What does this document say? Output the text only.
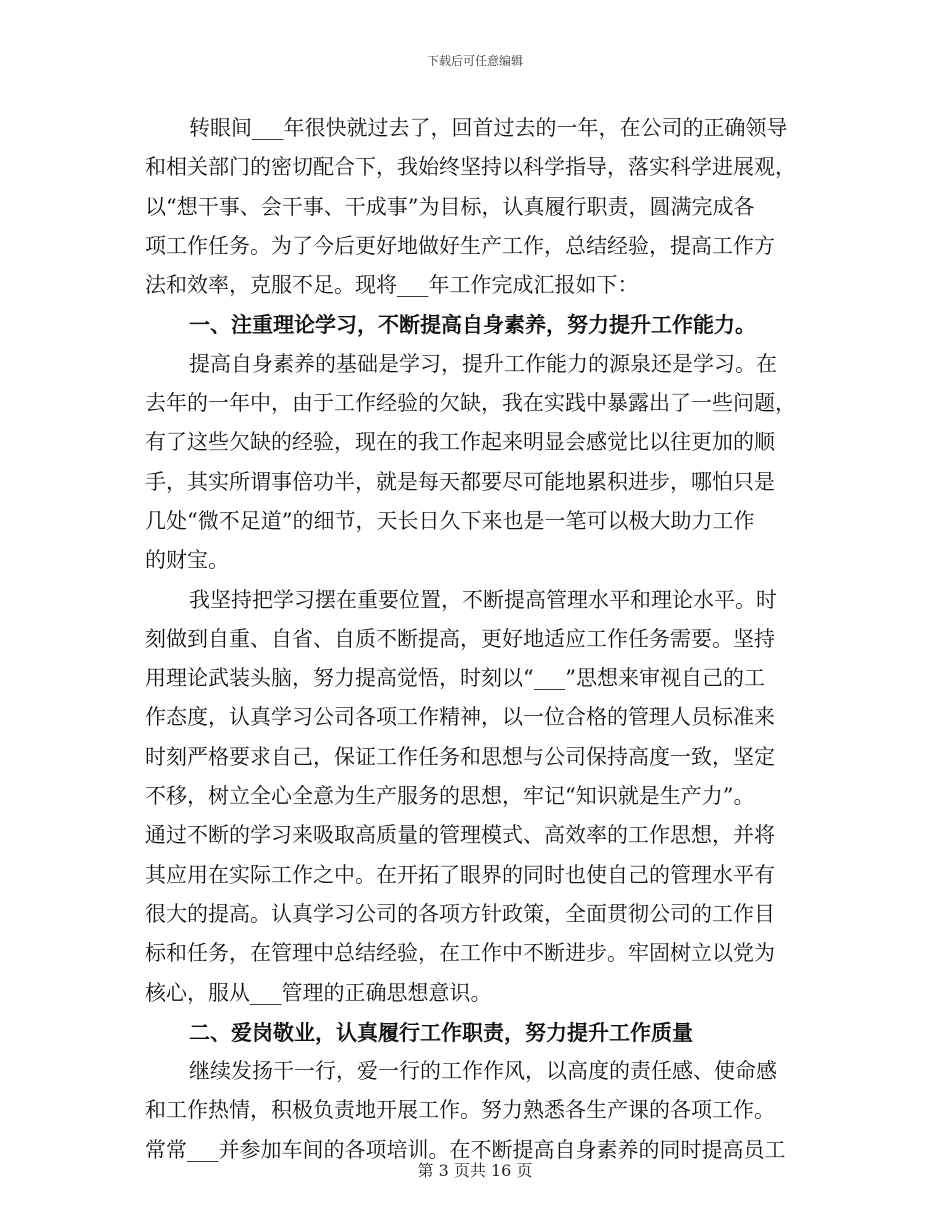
下载后可任意编辑
转眼间___年很快就过去了，回首过去的一年，在公司的正确领导
和相关部门的密切配合下，我始终坚持以科学指导，落实科学进展观，
以“想干事、会干事、干成事”为目标，认真履行职责，圆满完成各
项工作任务。为了今后更好地做好生产工作，总结经验，提高工作方
法和效率，克服不足。现将___年工作完成汇报如下：
一、注重理论学习，不断提高自身素养，努力提升工作能力。
提高自身素养的基础是学习，提升工作能力的源泉还是学习。在
去年的一年中，由于工作经验的欠缺，我在实践中暴露出了一些问题，
有了这些欠缺的经验，现在的我工作起来明显会感觉比以往更加的顺
手，其实所谓事倍功半，就是每天都要尽可能地累积进步，哪怕只是
几处“微不足道”的细节，天长日久下来也是一笔可以极大助力工作
的财宝。
我坚持把学习摆在重要位置，不断提高管理水平和理论水平。时
刻做到自重、自省、自质不断提高，更好地适应工作任务需要。坚持
用理论武装头脑，努力提高觉悟，时刻以“___”思想来审视自己的工
作态度，认真学习公司各项工作精神，以一位合格的管理人员标准来
时刻严格要求自己，保证工作任务和思想与公司保持高度一致，坚定
不移，树立全心全意为生产服务的思想，牢记“知识就是生产力”。
通过不断的学习来吸取高质量的管理模式、高效率的工作思想，并将
其应用在实际工作之中。在开拓了眼界的同时也使自己的管理水平有
很大的提高。认真学习公司的各项方针政策，全面贯彻公司的工作目
标和任务，在管理中总结经验，在工作中不断进步。牢固树立以党为
核心，服从___管理的正确思想意识。
二、爱岗敬业，认真履行工作职责，努力提升工作质量
继续发扬干一行，爱一行的工作作风，以高度的责任感、使命感
和工作热情，积极负责地开展工作。努力熟悉各生产课的各项工作。
常常___并参加车间的各项培训。在不断提高自身素养的同时提高员工
第 3 页共 16 页
